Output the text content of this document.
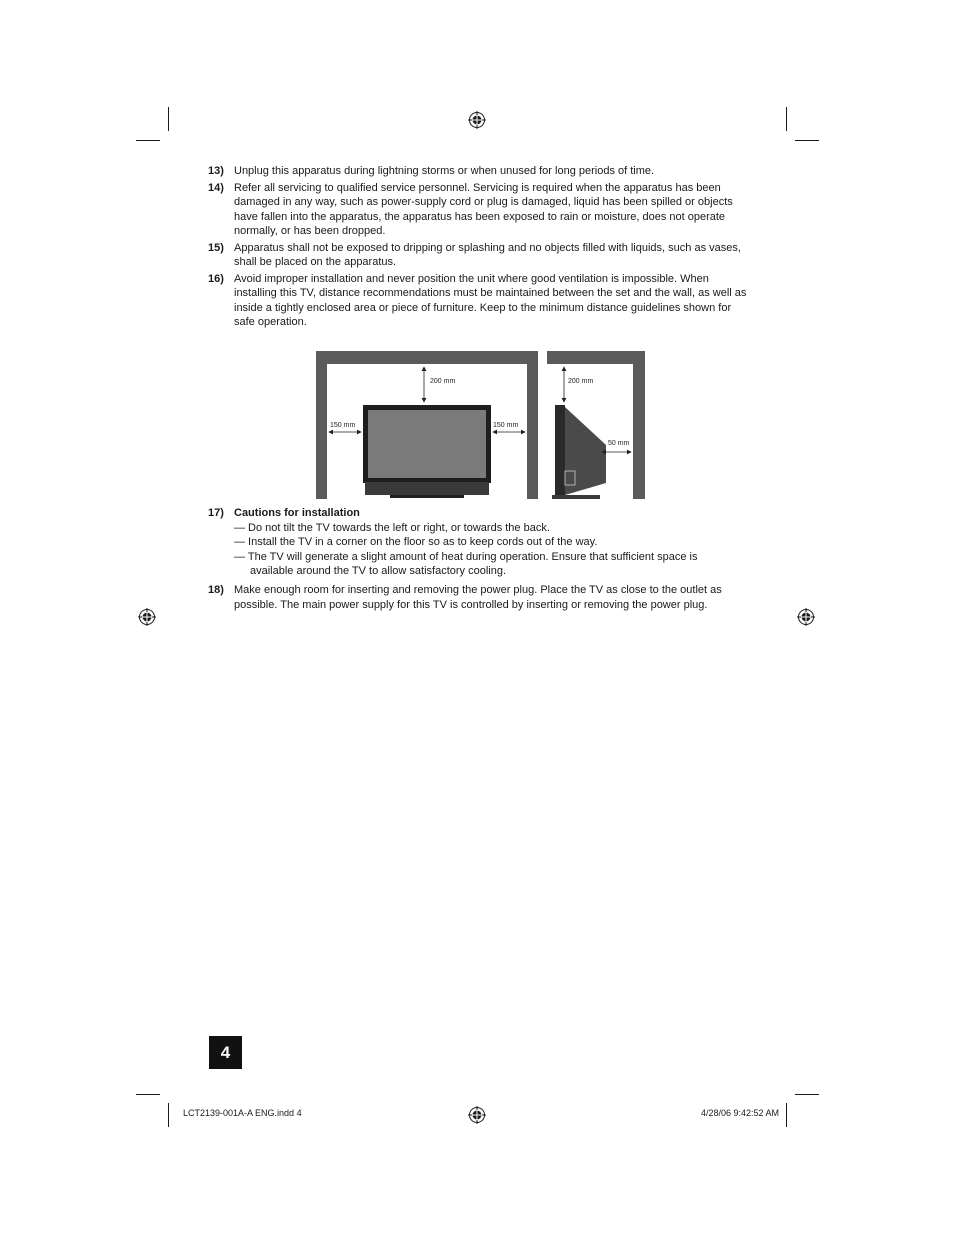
13) Unplug this apparatus during lightning storms or when unused for long periods of time.
14) Refer all servicing to qualified service personnel. Servicing is required when the apparatus has been damaged in any way, such as power-supply cord or plug is damaged, liquid has been spilled or objects have fallen into the apparatus, the apparatus has been exposed to rain or moisture, does not operate normally, or has been dropped.
15) Apparatus shall not be exposed to dripping or splashing and no objects filled with liquids, such as vases, shall be placed on the apparatus.
16) Avoid improper installation and never position the unit where good ventilation is impossible. When installing this TV, distance recommendations must be maintained between the set and the wall, as well as inside a tightly enclosed area or piece of furniture. Keep to the minimum distance guidelines shown for safe operation.
200 mm
150 mm	150 mm
200 mm
50 mm
17) Cautions for installation
— Do not tilt the TV towards the left or right, or towards the back.
— Install the TV in a corner on the floor so as to keep cords out of the way.
— The TV will generate a slight amount of heat during operation. Ensure that sufficient space is
available around the TV to allow satisfactory cooling.
18) Make enough room for inserting and removing the power plug. Place the TV as close to the outlet as possible. The main power supply for this TV is controlled by inserting or removing the power plug.
4
LCT2139-001A-A ENG.indd 4	4/28/06 9:42:52 AM
